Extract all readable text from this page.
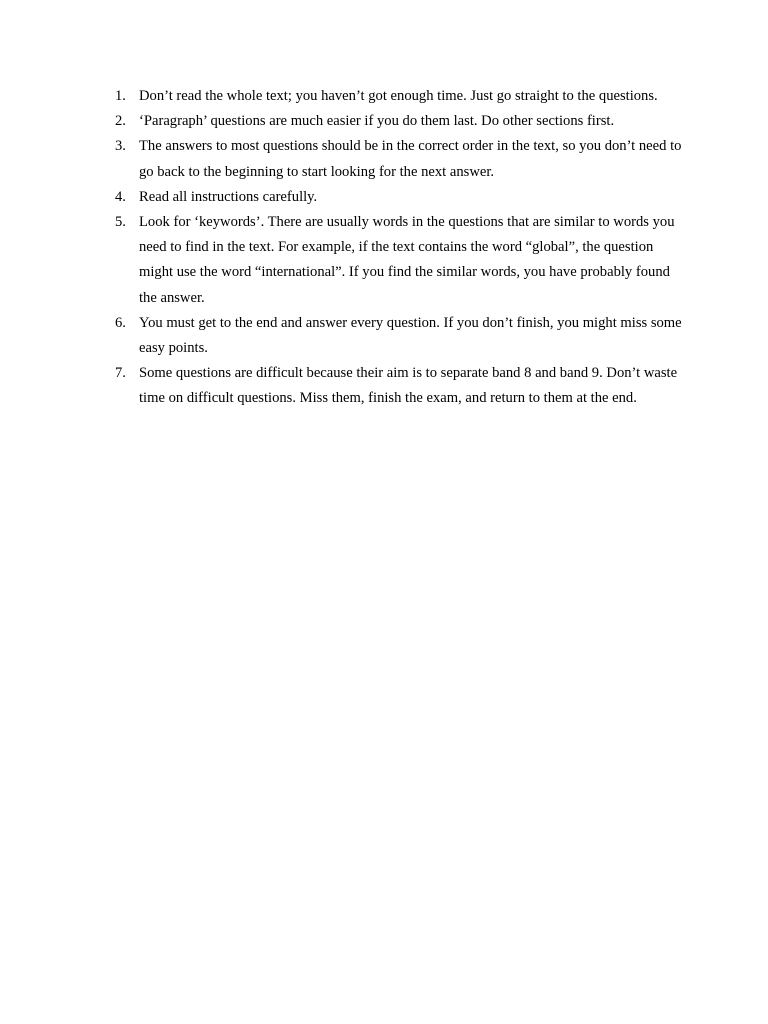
1. Don’t read the whole text; you haven’t got enough time. Just go straight to the questions.
2. ‘Paragraph’ questions are much easier if you do them last. Do other sections first.
3. The answers to most questions should be in the correct order in the text, so you don’t need to go back to the beginning to start looking for the next answer.
4. Read all instructions carefully.
5. Look for ‘keywords’. There are usually words in the questions that are similar to words you need to find in the text. For example, if the text contains the word “global”, the question might use the word “international”. If you find the similar words, you have probably found the answer.
6. You must get to the end and answer every question. If you don’t finish, you might miss some easy points.
7. Some questions are difficult because their aim is to separate band 8 and band 9. Don’t waste time on difficult questions. Miss them, finish the exam, and return to them at the end.
